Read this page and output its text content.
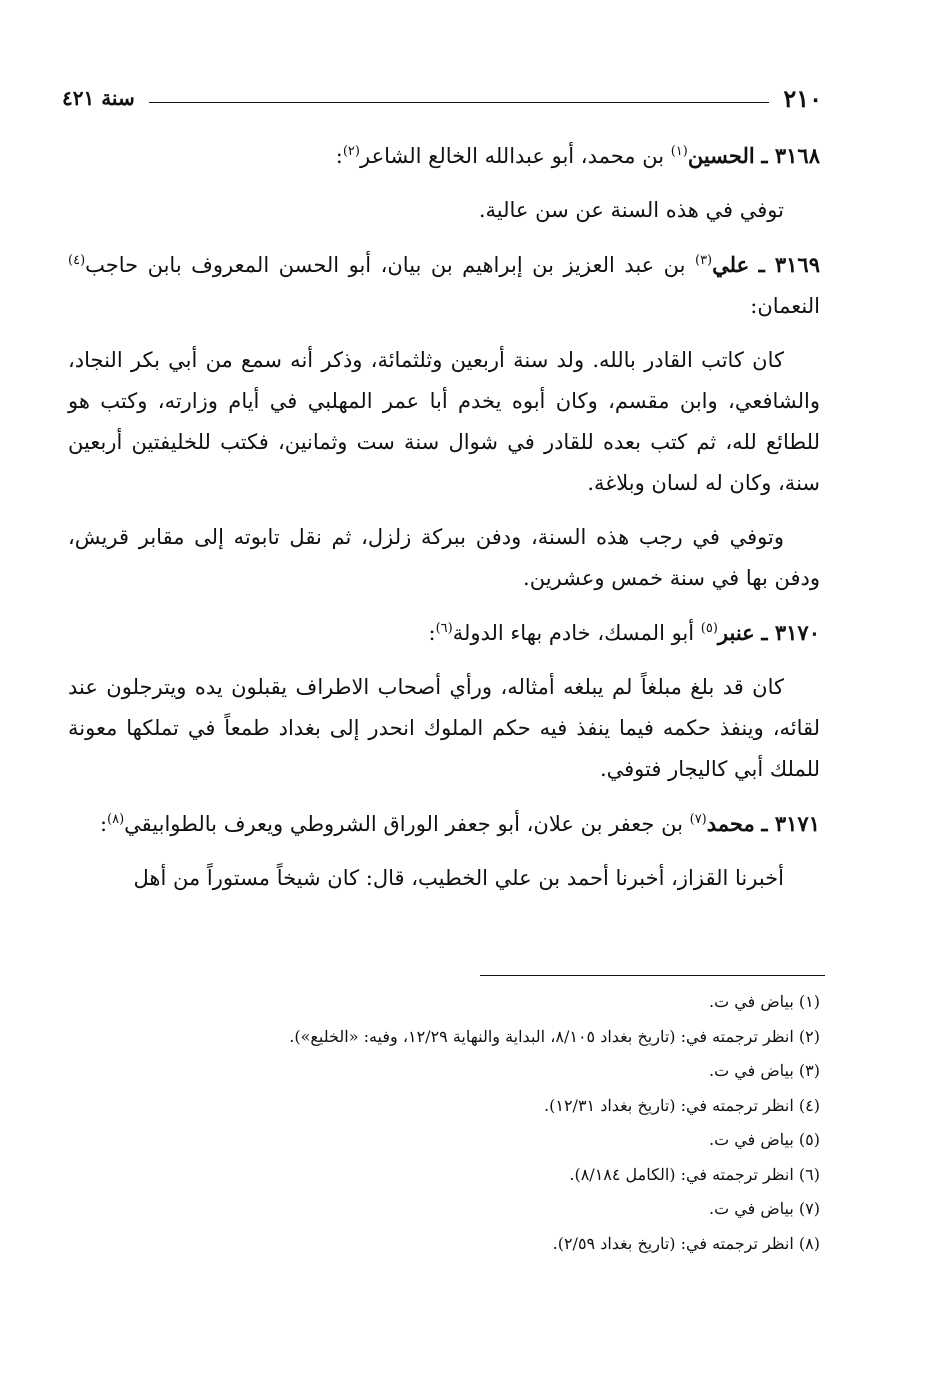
٢١٠
سنة ٤٢١

٣١٦٨ ـ الحسين$^{(١)}$ بن محمد، أبو عبدالله الخالع الشاعر$^{(٢)}$:

توفي في هذه السنة عن سن عالية.

٣١٦٩ ـ علي$^{(٣)}$ بن عبد العزيز بن إبراهيم بن بيان، أبو الحسن المعروف بابن حاجب$^{(٤)}$ النعمان:

كان كاتب القادر بالله. ولد سنة أربعين وثلثمائة، وذكر أنه سمع من أبي بكر النجاد، والشافعي، وابن مقسم، وكان أبوه يخدم أبا عمر المهلبي في أيام وزارته، وكتب هو للطائع لله، ثم كتب بعده للقادر في شوال سنة ست وثمانين، فكتب للخليفتين أربعين سنة، وكان له لسان وبلاغة.

وتوفي في رجب هذه السنة، ودفن ببركة زلزل، ثم نقل تابوته إلى مقابر قريش، ودفن بها في سنة خمس وعشرين.

٣١٧٠ ـ عنبر$^{(٥)}$ أبو المسك، خادم بهاء الدولة$^{(٦)}$:

كان قد بلغ مبلغاً لم يبلغه أمثاله، ورأي أصحاب الاطراف يقبلون يده ويترجلون عند لقائه، وينفذ حكمه فيما ينفذ فيه حكم الملوك انحدر إلى بغداد طمعاً في تملكها معونة للملك أبي كاليجار فتوفي.

٣١٧١ ـ محمد$^{(٧)}$ بن جعفر بن علان، أبو جعفر الوراق الشروطي ويعرف بالطوابيقي$^{(٨)}$:

أخبرنا القزاز، أخبرنا أحمد بن علي الخطيب، قال: كان شيخاً مستوراً من أهل

(١) بياض في ت.
(٢) انظر ترجمته في: (تاريخ بغداد ٨/١٠٥، البداية والنهاية ١٢/٢٩، وفيه: «الخليع»).
(٣) بياض في ت.
(٤) انظر ترجمته في: (تاريخ بغداد ١٢/٣١).
(٥) بياض في ت.
(٦) انظر ترجمته في: (الكامل ٨/١٨٤).
(٧) بياض في ت.
(٨) انظر ترجمته في: (تاريخ بغداد ٢/٥٩).
